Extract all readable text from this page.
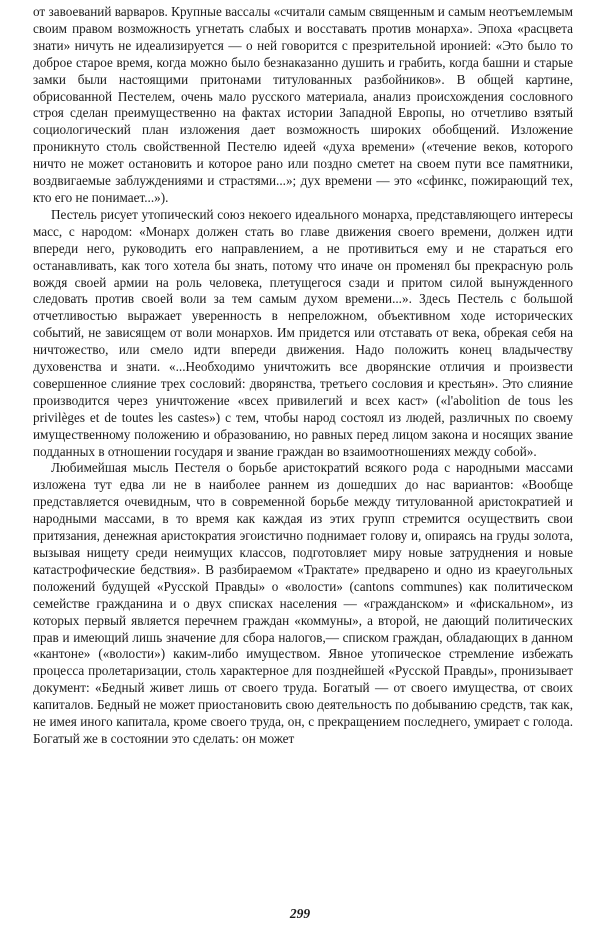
от завоеваний варваров. Крупные вассалы «считали самым священным и самым неотъемлемым своим правом возможность угнетать слабых и восставать против монарха». Эпоха «расцвета знати» ничуть не идеализируется — о ней говорится с презрительной иронией: «Это было то доброе старое время, когда можно было безнаказанно душить и грабить, когда башни и старые замки были настоящими притонами титулованных разбойников». В общей картине, обрисованной Пестелем, очень мало русского материала, анализ происхождения сословного строя сделан преимущественно на фактах истории Западной Европы, но отчетливо взятый социологический план изложения дает возможность широких обобщений. Изложение проникнуто столь свойственной Пестелю идеей «духа времени» («течение веков, которого ничто не может остановить и которое рано или поздно сметет на своем пути все памятники, воздвигаемые заблуждениями и страстями...»; дух времени — это «сфинкс, пожирающий тех, кто его не понимает...»).

Пестель рисует утопический союз некоего идеального монарха, представляющего интересы масс, с народом: «Монарх должен стать во главе движения своего времени, должен идти впереди него, руководить его направлением, а не противиться ему и не стараться его останавливать, как того хотела бы знать, потому что иначе он променял бы прекрасную роль вождя своей армии на роль человека, плетущегося сзади и притом силой вынужденного следовать против своей воли за тем самым духом времени...». Здесь Пестель с большой отчетливостью выражает уверенность в непреложном, объективном ходе исторических событий, не зависящем от воли монархов. Им придется или отставать от века, обрекая себя на ничтожество, или смело идти впереди движения. Надо положить конец владычеству духовенства и знати. «...Необходимо уничтожить все дворянские отличия и произвести совершенное слияние трех сословий: дворянства, третьего сословия и крестьян». Это слияние производится через уничтожение «всех привилегий и всех каст» («l'abolition de tous les privilèges et de toutes les castes») с тем, чтобы народ состоял из людей, различных по своему имущественному положению и образованию, но равных перед лицом закона и носящих звание подданных в отношении государя и звание граждан во взаимоотношениях между собой».

Любимейшая мысль Пестеля о борьбе аристократий всякого рода с народными массами изложена тут едва ли не в наиболее раннем из дошедших до нас вариантов: «Вообще представляется очевидным, что в современной борьбе между титулованной аристократией и народными массами, в то время как каждая из этих групп стремится осуществить свои притязания, денежная аристократия эгоистично поднимает голову и, опираясь на груды золота, вызывая нищету среди неимущих классов, подготовляет миру новые затруднения и новые катастрофические бедствия». В разбираемом «Трактате» предварено и одно из краеугольных положений будущей «Русской Правды» о «волости» (cantons communes) как политическом семействе гражданина и о двух списках населения — «гражданском» и «фискальном», из которых первый является перечнем граждан «коммуны», а второй, не дающий политических прав и имеющий лишь значение для сбора налогов,— списком граждан, обладающих в данном «кантоне» («волости») каким-либо имуществом. Явное утопическое стремление избежать процесса пролетаризации, столь характерное для позднейшей «Русской Правды», пронизывает документ: «Бедный живет лишь от своего труда. Богатый — от своего имущества, от своих капиталов. Бедный не может приостановить свою деятельность по добыванию средств, так как, не имея иного капитала, кроме своего труда, он, с прекращением последнего, умирает с голода. Богатый же в состоянии это сделать: он может

299
